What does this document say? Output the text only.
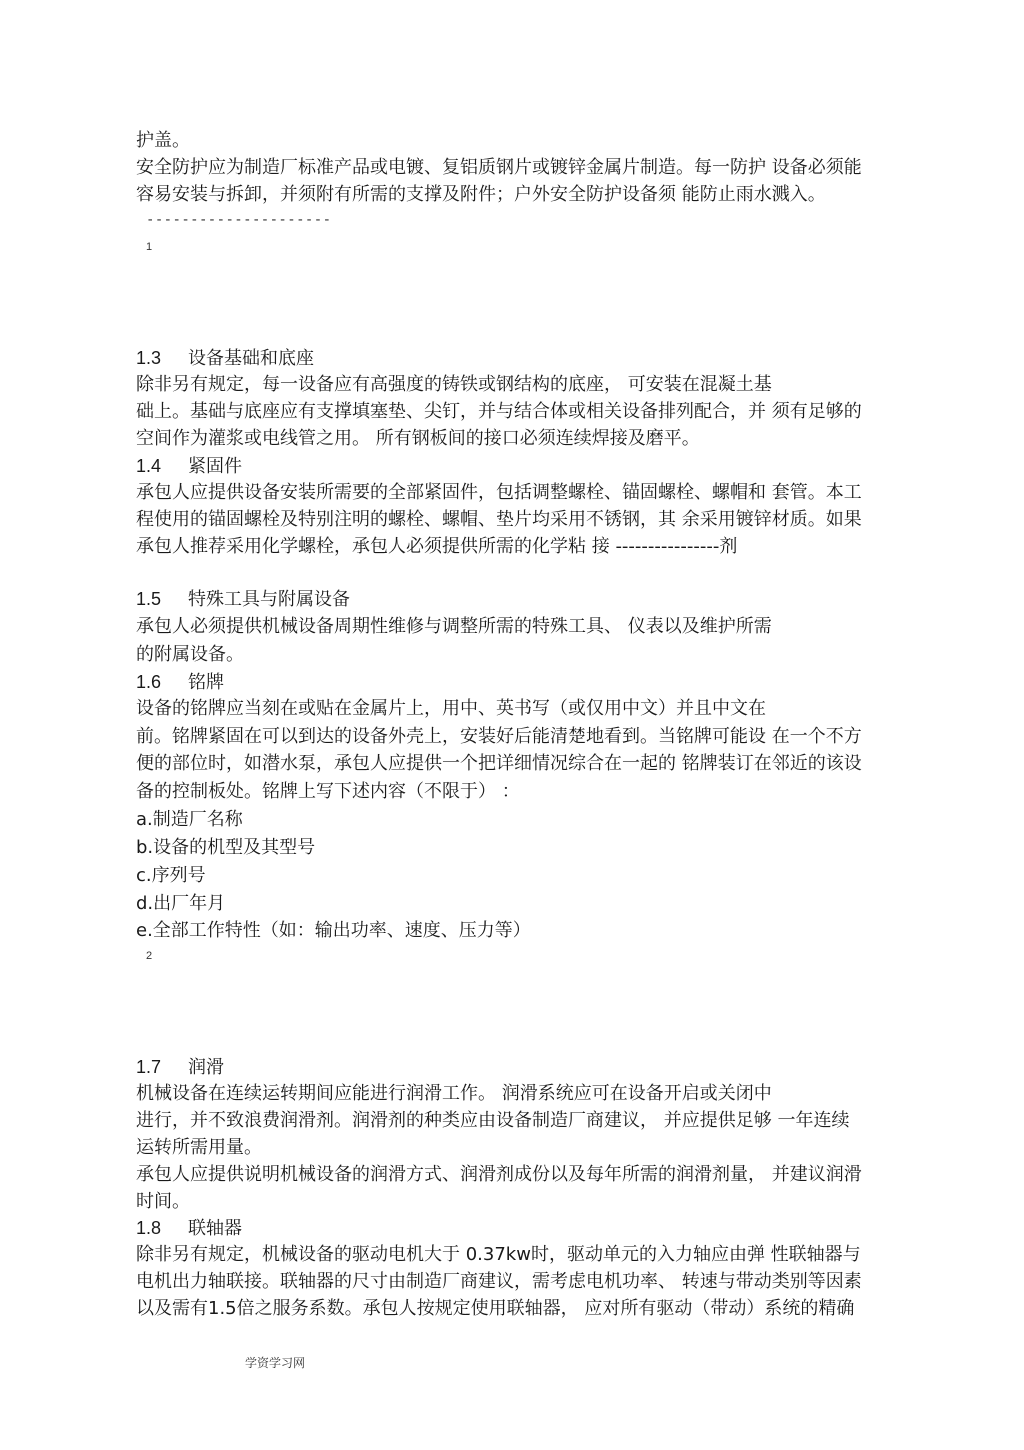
护盖。
安全防护应为制造厂标准产品或电镀、复铝质钢片或镀锌金属片制造。每一防护 设备必须能
容易安装与拆卸，并须附有所需的支撑及附件；户外安全防护设备须 能防止雨水溅入。
---------------------
1
1.3 设备基础和底座
除非另有规定，每一设备应有高强度的铸铁或钢结构的底座， 可安装在混凝土基
础上。基础与底座应有支撑填塞垫、尖钉，并与结合体或相关设备排列配合，并 须有足够的
空间作为灌浆或电线管之用。 所有钢板间的接口必须连续焊接及磨平。
1.4 紧固件
承包人应提供设备安装所需要的全部紧固件，包括调整螺栓、锚固螺栓、螺帽和 套管。本工
程使用的锚固螺栓及特别注明的螺栓、螺帽、垫片均采用不锈钢，其 余采用镀锌材质。如果
承包人推荐采用化学螺栓，承包人必须提供所需的化学粘 接 ----------------剂
1.5 特殊工具与附属设备
承包人必须提供机械设备周期性维修与调整所需的特殊工具、 仪表以及维护所需
的附属设备。
1.6 铭牌
设备的铭牌应当刻在或贴在金属片上，用中、英书写（或仅用中文）并且中文在
前。铭牌紧固在可以到达的设备外壳上，安装好后能清楚地看到。当铭牌可能设 在一个不方
便的部位时，如潜水泵，承包人应提供一个把详细情况综合在一起的 铭牌装订在邻近的该设
备的控制板处。铭牌上写下述内容（不限于） ：
a.制造厂名称
b.设备的机型及其型号
c.序列号
d.出厂年月
e.全部工作特性（如：输出功率、速度、压力等）
2
1.7 润滑
机械设备在连续运转期间应能进行润滑工作。 润滑系统应可在设备开启或关闭中
进行，并不致浪费润滑剂。润滑剂的种类应由设备制造厂商建议， 并应提供足够 一年连续
运转所需用量。
承包人应提供说明机械设备的润滑方式、润滑剂成份以及每年所需的润滑剂量， 并建议润滑
时间。
1.8 联轴器
除非另有规定，机械设备的驱动电机大于 0.37kw时，驱动单元的入力轴应由弹 性联轴器与
电机出力轴联接。联轴器的尺寸由制造厂商建议，需考虑电机功率、 转速与带动类别等因素
以及需有1.5倍之服务系数。承包人按规定使用联轴器， 应对所有驱动（带动）系统的精确
学资学习网
